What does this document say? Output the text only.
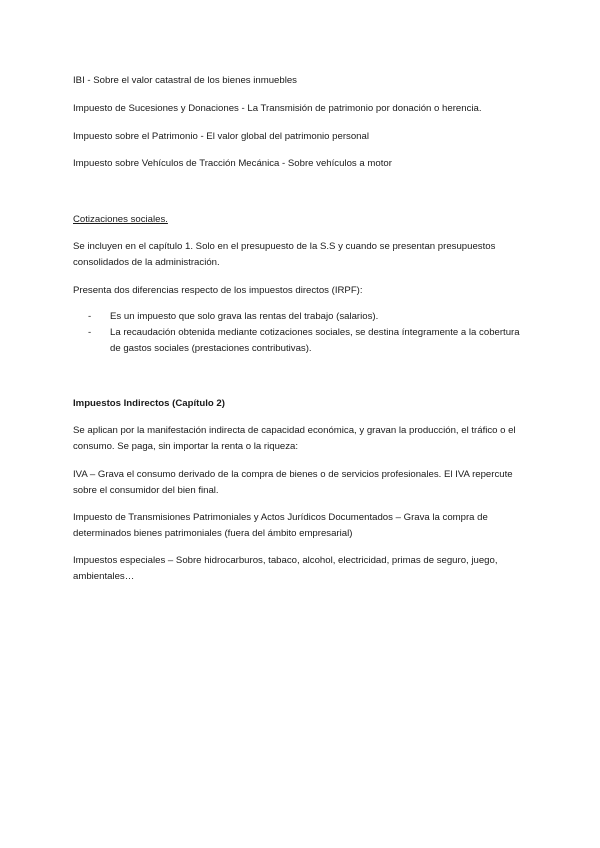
IBI - Sobre el valor catastral de los bienes inmuebles

Impuesto de Sucesiones y Donaciones - La Transmisión de patrimonio por donación o herencia.

Impuesto sobre el Patrimonio - El valor global del patrimonio personal

Impuesto sobre Vehículos de Tracción Mecánica - Sobre vehículos a motor

Cotizaciones sociales.

Se incluyen en el capítulo 1. Solo en el presupuesto de la S.S y cuando se presentan presupuestos consolidados de la administración.

Presenta dos diferencias respecto de los impuestos directos (IRPF):

- Es un impuesto que solo grava las rentas del trabajo (salarios).
- La recaudación obtenida mediante cotizaciones sociales, se destina íntegramente a la cobertura de gastos sociales (prestaciones contributivas).

Impuestos Indirectos (Capítulo 2)

Se aplican por la manifestación indirecta de capacidad económica, y gravan la producción, el tráfico o el consumo. Se paga, sin importar la renta o la riqueza:

IVA – Grava el consumo derivado de la compra de bienes o de servicios profesionales. El IVA repercute sobre el consumidor del bien final.

Impuesto de Transmisiones Patrimoniales y Actos Jurídicos Documentados – Grava la compra de determinados bienes patrimoniales (fuera del ámbito empresarial)

Impuestos especiales – Sobre hidrocarburos, tabaco, alcohol, electricidad, primas de seguro, juego, ambientales…
